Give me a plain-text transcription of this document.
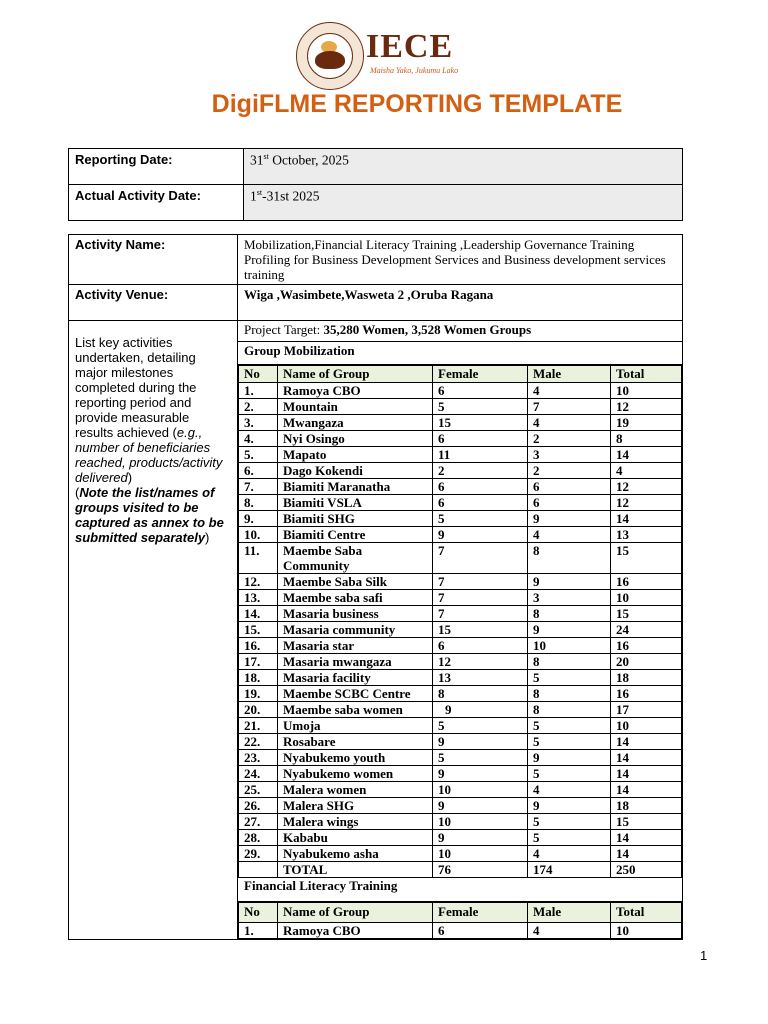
IECE
Maisha Yako, Jukumu Lako
DigiFLME REPORTING TEMPLATE
Reporting Date:	31st October, 2025
Actual Activity Date:	1st-31st 2025
Activity Name:	Mobilization,Financial Literacy Training ,Leadership Governance Training Profiling for Business Development Services and Business development services training
Activity Venue:	Wiga ,Wasimbete,Wasweta 2 ,Oruba Ragana
List key activities undertaken, detailing major milestones completed during the reporting period and provide measurable results achieved (e.g., number of beneficiaries reached, products/activity delivered)
(Note the list/names of groups visited to be captured as annex to be submitted separately)	
Project Target: 35,280 Women, 3,528 Women Groups
Group Mobilization
No	Name of Group	Female	Male	Total
1.	Ramoya CBO	6	4	10
2.	Mountain	5	7	12
3.	Mwangaza	15	4	19
4.	Nyi Osingo	6	2	8
5.	Mapato	11	3	14
6.	Dago Kokendi	2	2	4
7.	Biamiti Maranatha	6	6	12
8.	Biamiti VSLA	6	6	12
9.	Biamiti SHG	5	9	14
10.	Biamiti Centre	9	4	13
11.	Maembe Saba Community	7	8	15
12.	Maembe Saba Silk	7	9	16
13.	Maembe saba safi	7	3	10
14.	Masaria business	7	8	15
15.	Masaria community	15	9	24
16.	Masaria star	6	10	16
17.	Masaria mwangaza	12	8	20
18.	Masaria facility	13	5	18
19.	Maembe SCBC Centre	8	8	16
20.	Maembe saba women	9	8	17
21.	Umoja	5	5	10
22.	Rosabare	9	5	14
23.	Nyabukemo youth	5	9	14
24.	Nyabukemo women	9	5	14
25.	Malera women	10	4	14
26.	Malera SHG	9	9	18
27.	Malera wings	10	5	15
28.	Kababu	9	5	14
29.	Nyabukemo asha	10	4	14
	TOTAL	76	174	250
Financial Literacy Training
No	Name of Group	Female	Male	Total
1.	Ramoya CBO	6	4	10
1
